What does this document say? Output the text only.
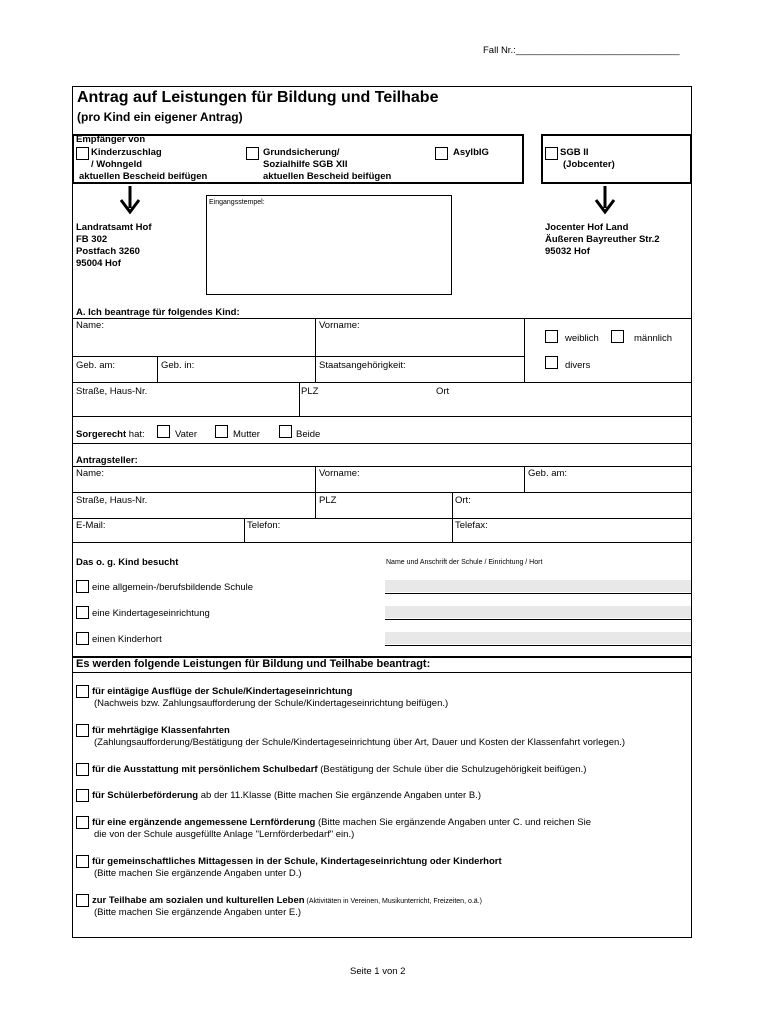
Fall Nr.:_______________________________
Antrag auf Leistungen für Bildung und Teilhabe
(pro Kind ein eigener Antrag)
Empfänger von
Kinderzuschlag
/ Wohngeld
aktuellen Bescheid beifügen
Grundsicherung/
Sozialhilfe SGB XII
aktuellen Bescheid beifügen
AsylbIG	SGB II
(Jobcenter)
Eingangsstempel:
Landratsamt Hof
FB 302
Postfach 3260
95004 Hof
Jocenter Hof Land
Äußeren Bayreuther Str.2
95032 Hof
A. Ich beantrage für folgendes Kind:
Name:	Vorname:
weiblich	männlich
divers
Geb. am:	Geb. in:	Staatsangehörigkeit:
Straße, Haus-Nr.	PLZ	Ort
Sorgerecht hat:	Vater	Mutter	Beide
Antragsteller:
Name:	Vorname:	Geb. am:
Straße, Haus-Nr.	PLZ	Ort:
E-Mail:	Telefon:	Telefax:
Das o. g. Kind besucht	Name und Anschrift der Schule / Einrichtung / Hort
eine allgemein-/berufsbildende Schule
eine Kindertageseinrichtung
einen Kinderhort
Es werden folgende Leistungen für Bildung und Teilhabe beantragt:
für eintägige Ausflüge der Schule/Kindertageseinrichtung
(Nachweis bzw. Zahlungsaufforderung der Schule/Kindertageseinrichtung beifügen.)
für mehrtägige Klassenfahrten
(Zahlungsaufforderung/Bestätigung der Schule/Kindertageseinrichtung über Art, Dauer und Kosten der Klassenfahrt vorlegen.)
für die Ausstattung mit persönlichem Schulbedarf (Bestätigung der Schule über die Schulzugehörigkeit beifügen.)
für Schülerbeförderung ab der 11.Klasse (Bitte machen Sie ergänzende Angaben unter B.)
für eine ergänzende angemessene Lernförderung (Bitte machen Sie ergänzende Angaben unter C. und reichen Sie
die von der Schule ausgefüllte Anlage "Lernförderbedarf" ein.)
für gemeinschaftliches Mittagessen in der Schule, Kindertageseinrichtung oder Kinderhort
(Bitte machen Sie ergänzende Angaben unter D.)
zur Teilhabe am sozialen und kulturellen Leben (Aktivitäten in Vereinen, Musikunterricht, Freizeiten, o.ä.)
(Bitte machen Sie ergänzende Angaben unter E.)
Seite 1 von 2
